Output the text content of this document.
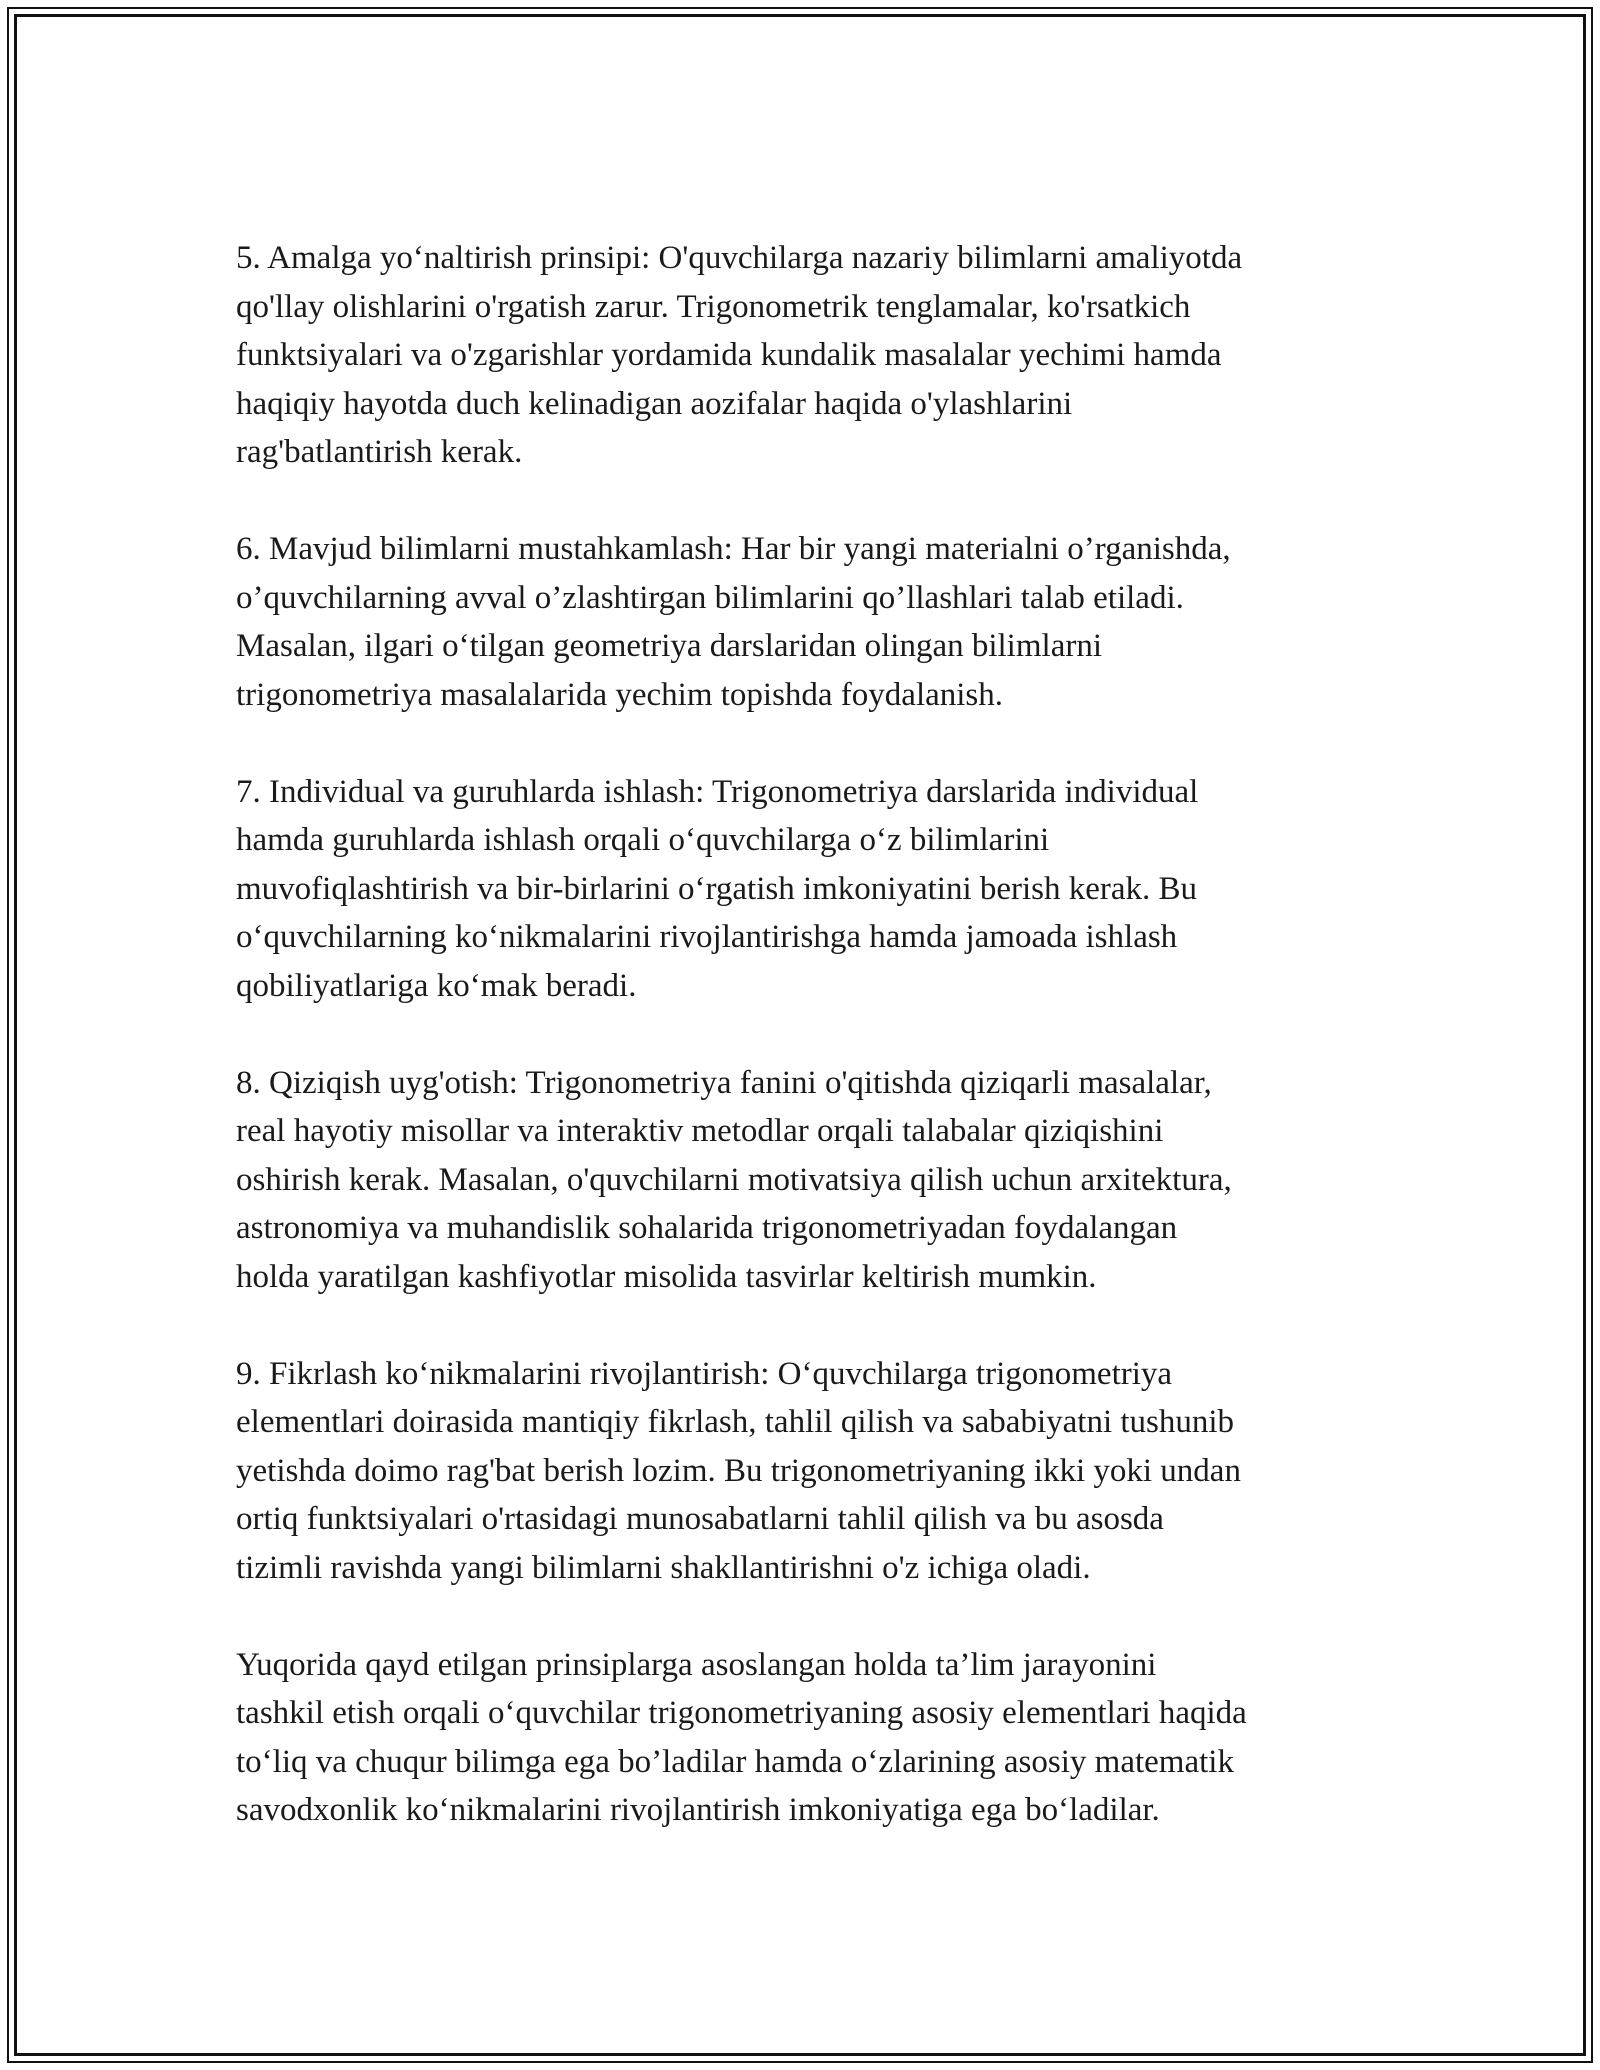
5. Amalga yo‘naltirish prinsipi: O'quvchilarga nazariy bilimlarni amaliyotda
qo'llay olishlarini o'rgatish zarur. Trigonometrik tenglamalar, ko'rsatkich
funktsiyalari va o'zgarishlar yordamida kundalik masalalar yechimi hamda
haqiqiy hayotda duch kelinadigan aozifalar haqida o'ylashlarini
rag'batlantirish kerak.

6. Mavjud bilimlarni mustahkamlash: Har bir yangi materialni o’rganishda,
o’quvchilarning avval o’zlashtirgan bilimlarini qo’llashlari talab etiladi.
Masalan, ilgari o‘tilgan geometriya darslaridan olingan bilimlarni
trigonometriya masalalarida yechim topishda foydalanish.

7. Individual va guruhlarda ishlash: Trigonometriya darslarida individual
hamda guruhlarda ishlash orqali o‘quvchilarga o‘z bilimlarini
muvofiqlashtirish va bir-birlarini o‘rgatish imkoniyatini berish kerak. Bu
o‘quvchilarning ko‘nikmalarini rivojlantirishga hamda jamoada ishlash
qobiliyatlariga ko‘mak beradi.

8. Qiziqish uyg'otish: Trigonometriya fanini o'qitishda qiziqarli masalalar,
real hayotiy misollar va interaktiv metodlar orqali talabalar qiziqishini
oshirish kerak. Masalan, o'quvchilarni motivatsiya qilish uchun arxitektura,
astronomiya va muhandislik sohalarida trigonometriyadan foydalangan
holda yaratilgan kashfiyotlar misolida tasvirlar keltirish mumkin.

9. Fikrlash ko‘nikmalarini rivojlantirish: O‘quvchilarga trigonometriya
elementlari doirasida mantiqiy fikrlash, tahlil qilish va sababiyatni tushunib
yetishda doimo rag'bat berish lozim. Bu trigonometriyaning ikki yoki undan
ortiq funktsiyalari o'rtasidagi munosabatlarni tahlil qilish va bu asosda
tizimli ravishda yangi bilimlarni shakllantirishni o'z ichiga oladi.

Yuqorida qayd etilgan prinsiplarga asoslangan holda ta’lim jarayonini
tashkil etish orqali o‘quvchilar trigonometriyaning asosiy elementlari haqida
to‘liq va chuqur bilimga ega bo’ladilar hamda o‘zlarining asosiy matematik
savodxonlik ko‘nikmalarini rivojlantirish imkoniyatiga ega bo‘ladilar.
